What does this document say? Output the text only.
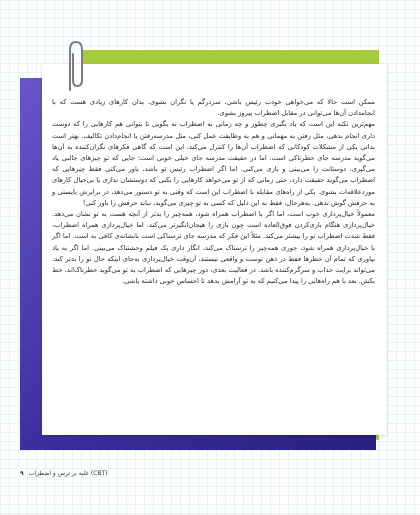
ممکن است حالا که می‌خواهی خودت رئیس باشی، سردرگم یا نگران بشوی. بدان کارهای زیادی هست که با انجامدادن آن‌ها می‌توانی در مقابل اضطراب پیروز بشوی.

مهم‌ترین نکته این است که یاد بگیری چطور و چه زمانی به اضطراب نه بگویی تا بتوانی هم کارهایی را که دوست داری انجام بدهی، مثل رفتن به مهمانی و هم به وظایفت عمل کنی، مثل مدرسه‌رفتن یا انجام‌دادن تکالیف. بهتر است بدانی یکی از مشکلات کودکانی که اضطراب آن‌ها را کنترل می‌کند، این است که گاهی فکرهای نگران‌کننده به آن‌ها می‌گوید مدرسه جای خطرناکی است. اما در حقیقت مدرسه جای خیلی خوبی است؛ جایی که تو چیزهای جالبی یاد می‌گیری، دوستانت را می‌بینی و بازی می‌کنی. اما اگر اضطراب رئیس تو باشد، باور می‌کنی فقط چیزهایی که اضطراب می‌گوید حقیقت دارد، حتی زمانی که از تو می‌خواهد کارهایی را بکنی که دوستشان نداری یا بی‌خیال کارهای موردعلاقه‌ات بشوی. یکی از راه‌های مقابله با اضطراب این است که وقتی به تو دستور می‌دهد، در برابرش بایستی و به حرفش گوش ندهی. به‌هرحال، فقط به این دلیل که کسی به تو چیزی می‌گوید، نباید حرفش را باور کنی!

معمولاً خیال‌پردازی خوب است، اما اگر با اضطراب همراه شود، همه‌چیز را بدتر از آنچه هست به تو نشان می‌دهد. خیال‌پردازی هنگام بازی‌کردن فوق‌العاده است چون بازی را هیجان‌انگیزتر می‌کند. اما خیال‌پردازی همراه اضطراب، فقط شدت اضطراب تو را بیشتر می‌کند. مثلاً این فکر که مدرسه جای ترسناکی است بانشانه‌ی کافی به است. اما اگر با خیال‌پردازی همراه شود، جوری همه‌چیز را ترسناک می‌کند، انگار داری یک فیلم وحشتناک می‌بینی. اما اگر به یاد بیاوری که تمام آن خطرها فقط در ذهن توست و واقعی نیستند، آن‌وقت خیال‌پردازی به‌جای اینکه حال تو را بدتر کند، می‌تواند برایت جذاب و سرگرم‌کننده باشد. در فعالیت بعدی، دور چیزهایی که اضطراب به تو می‌گوید خطرناک‌اند، خط بکش. بعد با هم راه‌هایی را پیدا می‌کنیم که به تو آرامش بدهد تا احساس خوبی داشته باشی.

۹ غلبه بر ترس و اضطراب (CBT)
